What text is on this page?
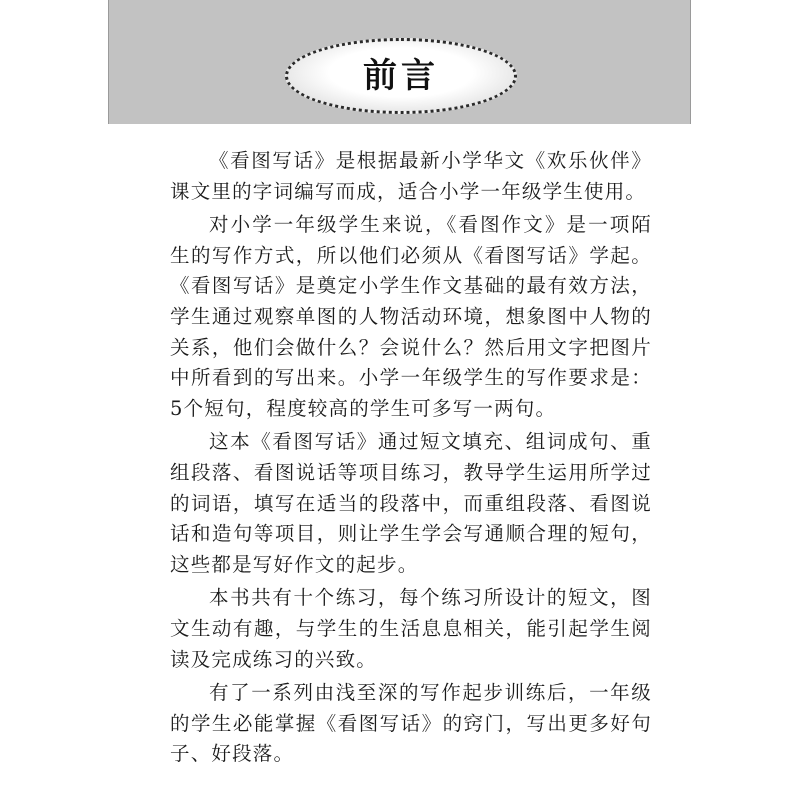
前言

《看图写话》是根据最新小学华文《欢乐伙伴》课文里的字词编写而成，适合小学一年级学生使用。

对小学一年级学生来说，《看图作文》是一项陌生的写作方式，所以他们必须从《看图写话》学起。《看图写话》是奠定小学生作文基础的最有效方法，学生通过观察单图的人物活动环境，想象图中人物的关系，他们会做什么？会说什么？然后用文字把图片中所看到的写出来。小学一年级学生的写作要求是：5个短句，程度较高的学生可多写一两句。

这本《看图写话》通过短文填充、组词成句、重组段落、看图说话等项目练习，教导学生运用所学过的词语，填写在适当的段落中，而重组段落、看图说话和造句等项目，则让学生学会写通顺合理的短句，这些都是写好作文的起步。

本书共有十个练习，每个练习所设计的短文，图文生动有趣，与学生的生活息息相关，能引起学生阅读及完成练习的兴致。

有了一系列由浅至深的写作起步训练后，一年级的学生必能掌握《看图写话》的窍门，写出更多好句子、好段落。
